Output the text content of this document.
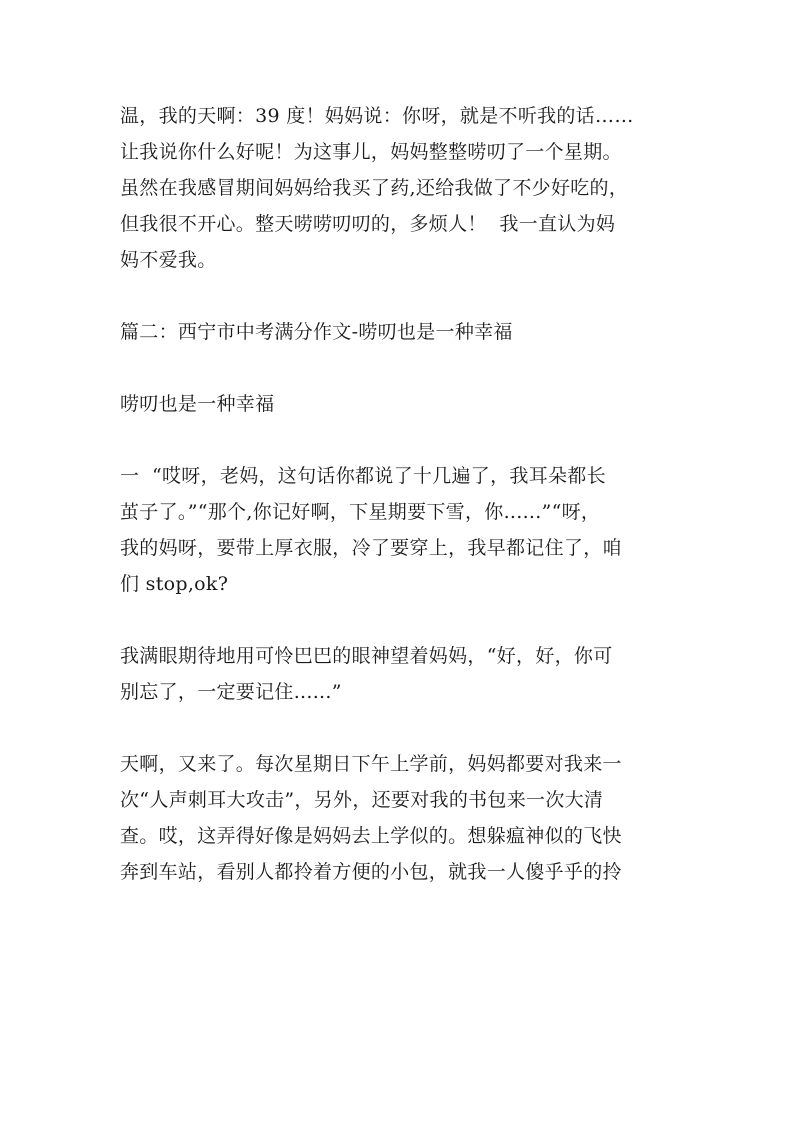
温，我的天啊：39 度！妈妈说：你呀，就是不听我的话……

让我说你什么好呢！为这事儿，妈妈整整唠叨了一个星期。

虽然在我感冒期间妈妈给我买了药,还给我做了不少好吃的，

但我很不开心。整天唠唠叨叨的，多烦人！  我一直认为妈

妈不爱我。

篇二：西宁市中考满分作文-唠叨也是一种幸福

唠叨也是一种幸福

一  “哎呀，老妈，这句话你都说了十几遍了，我耳朵都长

茧子了。”“那个,你记好啊，下星期要下雪，你......”“呀，

我的妈呀，要带上厚衣服，冷了要穿上，我早都记住了，咱

们 stop,ok?

我满眼期待地用可怜巴巴的眼神望着妈妈，“好，好，你可

别忘了，一定要记住......”

天啊，又来了。每次星期日下午上学前，妈妈都要对我来一

次“人声刺耳大攻击”，另外，还要对我的书包来一次大清

查。哎，这弄得好像是妈妈去上学似的。想躲瘟神似的飞快

奔到车站，看别人都拎着方便的小包，就我一人傻乎乎的拎
